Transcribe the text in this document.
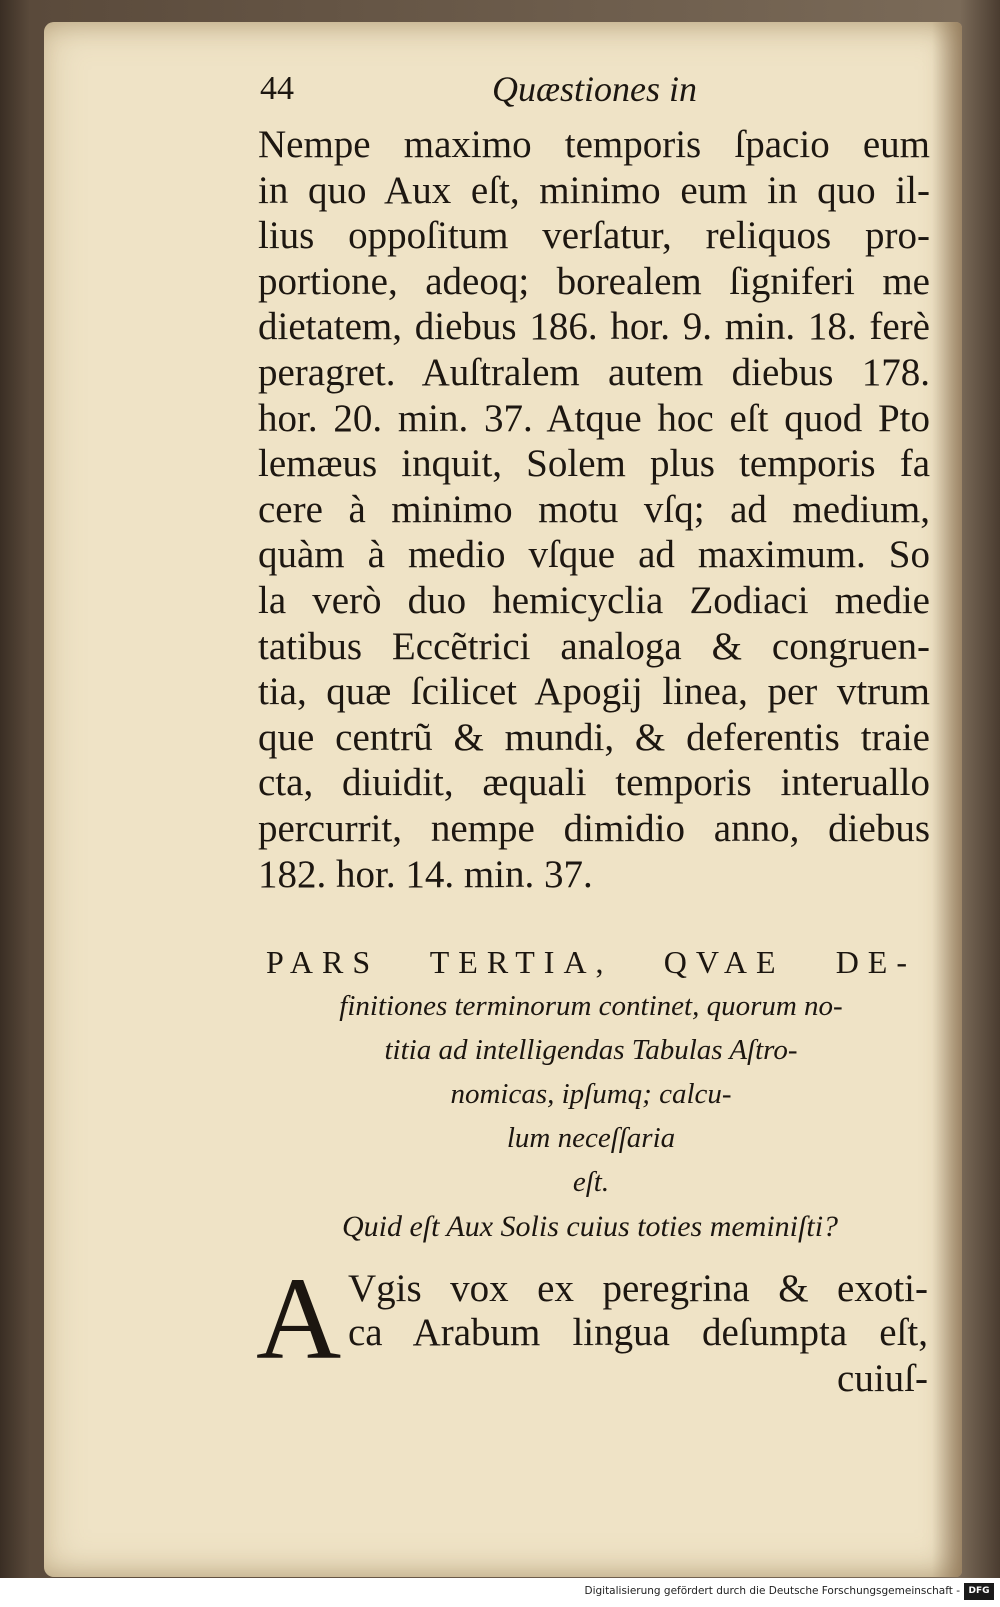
44	Quæstiones in
Nempe maximo temporis ſpacio eum
in quo Aux eſt, minimo eum in quo il-
lius oppoſitum verſatur, reliquos pro-
portione, adeoq; borealem ſigniferi me
dietatem, diebus 186. hor. 9. min. 18. ferè
peragret. Auſtralem autem diebus 178.
hor. 20. min. 37. Atque hoc eſt quod Pto
lemæus inquit, Solem plus temporis fa
cere à minimo motu vſq; ad medium,
quàm à medio vſque ad maximum. So
la verò duo hemicyclia Zodiaci medie
tatibus Eccẽtrici analoga & congruen-
tia, quæ ſcilicet Apogij linea, per vtrum
que centrũ & mundi, & deferentis traie
cta, diuidit, æquali temporis interuallo
percurrit, nempe dimidio anno, diebus
182. hor. 14. min. 37.
PARS TERTIA, QVAE DE-
finitiones terminorum continet, quorum no-
titia ad intelligendas Tabulas Aſtro-
nomicas, ipſumq; calcu-
lum neceſſaria
eſt.
Quid eſt Aux Solis cuius toties meminiſti?
A Vgis vox ex peregrina & exoti-
ca Arabum lingua deſumpta eſt,
cuiuſ-
Digitalisierung gefördert durch die Deutsche Forschungsgemeinschaft - DFG
